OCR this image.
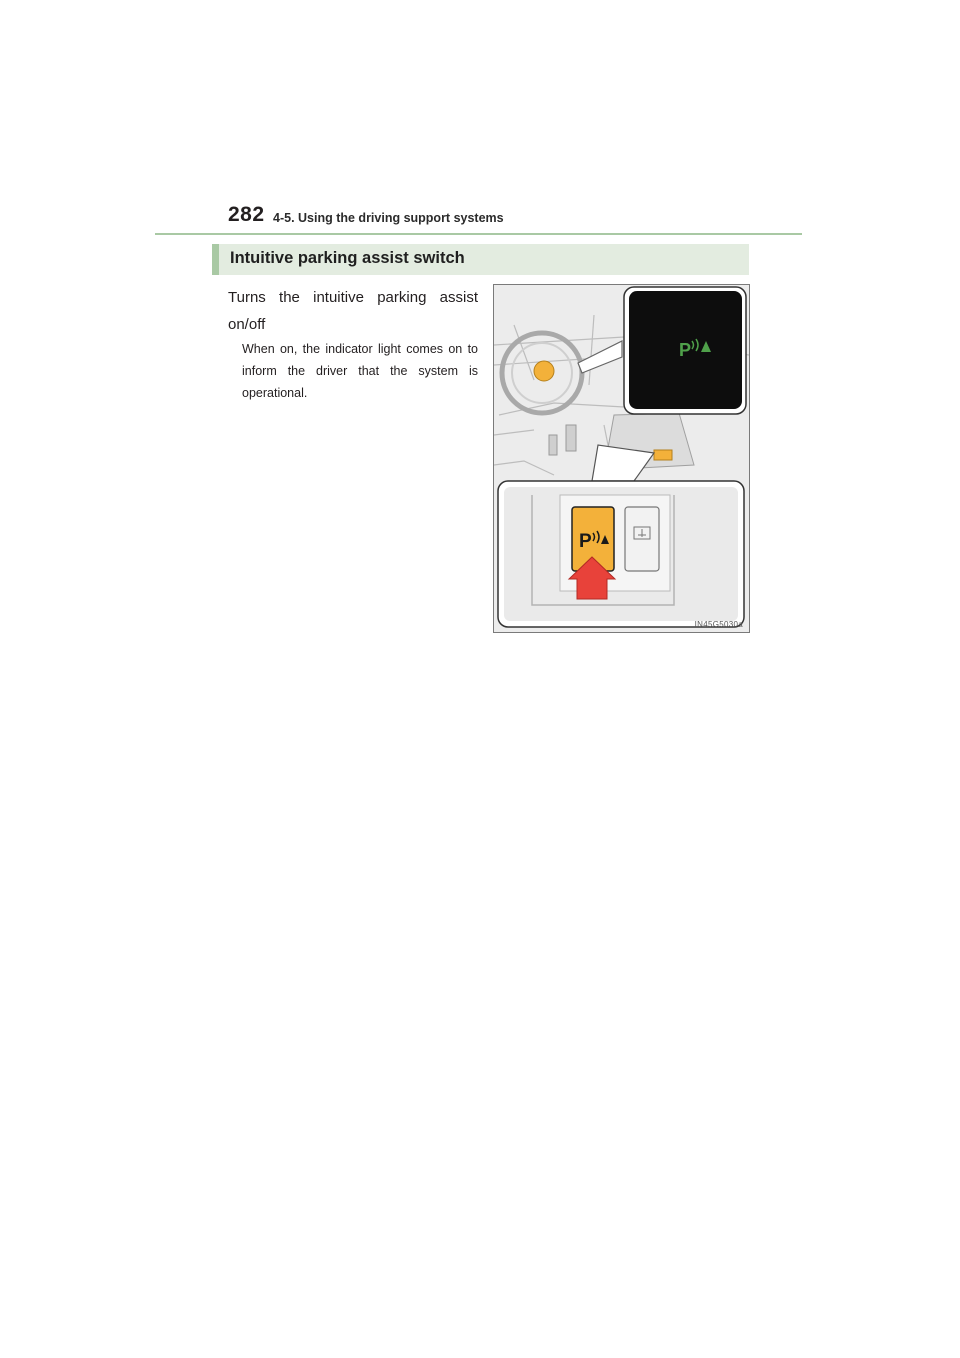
282 4-5. Using the driving support systems
Intuitive parking assist switch
Turns the intuitive parking assist on/off
When on, the indicator light comes on to inform the driver that the system is operational.
P
P
IN45G5030a
